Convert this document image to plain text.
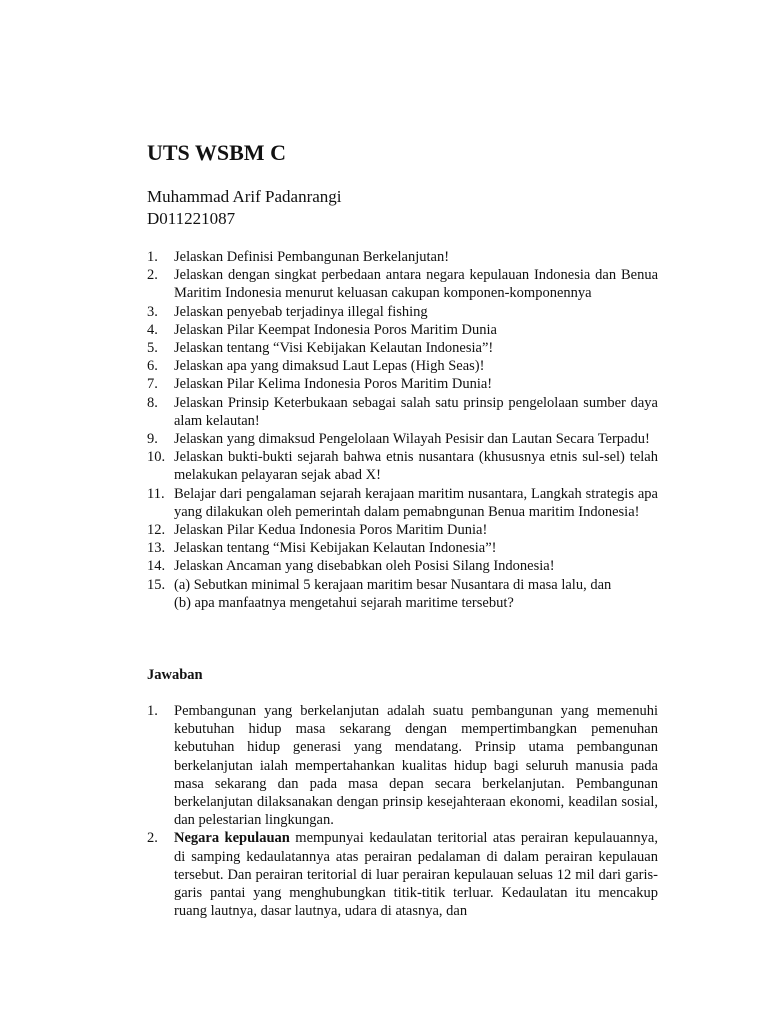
UTS WSBM C
Muhammad Arif Padanrangi
D011221087
1. Jelaskan Definisi Pembangunan Berkelanjutan!
2. Jelaskan dengan singkat perbedaan antara negara kepulauan Indonesia dan Benua Maritim Indonesia menurut keluasan cakupan komponen-komponennya
3. Jelaskan penyebab terjadinya illegal fishing
4. Jelaskan Pilar Keempat Indonesia Poros Maritim Dunia
5. Jelaskan tentang “Visi Kebijakan Kelautan Indonesia”!
6. Jelaskan apa yang dimaksud Laut Lepas (High Seas)!
7. Jelaskan Pilar Kelima Indonesia Poros Maritim Dunia!
8. Jelaskan Prinsip Keterbukaan sebagai salah satu prinsip pengelolaan sumber daya alam kelautan!
9. Jelaskan yang dimaksud Pengelolaan Wilayah Pesisir dan Lautan Secara Terpadu!
10. Jelaskan bukti-bukti sejarah bahwa etnis nusantara (khususnya etnis sul-sel) telah melakukan pelayaran sejak abad X!
11. Belajar dari pengalaman sejarah kerajaan maritim nusantara, Langkah strategis apa yang dilakukan oleh pemerintah dalam pemabngunan Benua maritim Indonesia!
12. Jelaskan Pilar Kedua Indonesia Poros Maritim Dunia!
13. Jelaskan tentang “Misi Kebijakan Kelautan Indonesia”!
14. Jelaskan Ancaman yang disebabkan oleh Posisi Silang Indonesia!
15. (a) Sebutkan minimal 5 kerajaan maritim besar Nusantara di masa lalu, dan
(b) apa manfaatnya mengetahui sejarah maritime tersebut?
Jawaban
1. Pembangunan yang berkelanjutan adalah suatu pembangunan yang memenuhi kebutuhan hidup masa sekarang dengan mempertimbangkan pemenuhan kebutuhan hidup generasi yang mendatang. Prinsip utama pembangunan berkelanjutan ialah mempertahankan kualitas hidup bagi seluruh manusia pada masa sekarang dan pada masa depan secara berkelanjutan. Pembangunan berkelanjutan dilaksanakan dengan prinsip kesejahteraan ekonomi, keadilan sosial, dan pelestarian lingkungan.
2. Negara kepulauan mempunyai kedaulatan teritorial atas perairan kepulauannya, di samping kedaulatannya atas perairan pedalaman di dalam perairan kepulauan tersebut. Dan perairan teritorial di luar perairan kepulauan seluas 12 mil dari garis-garis pantai yang menghubungkan titik-titik terluar. Kedaulatan itu mencakup ruang lautnya, dasar lautnya, udara di atasnya, dan
